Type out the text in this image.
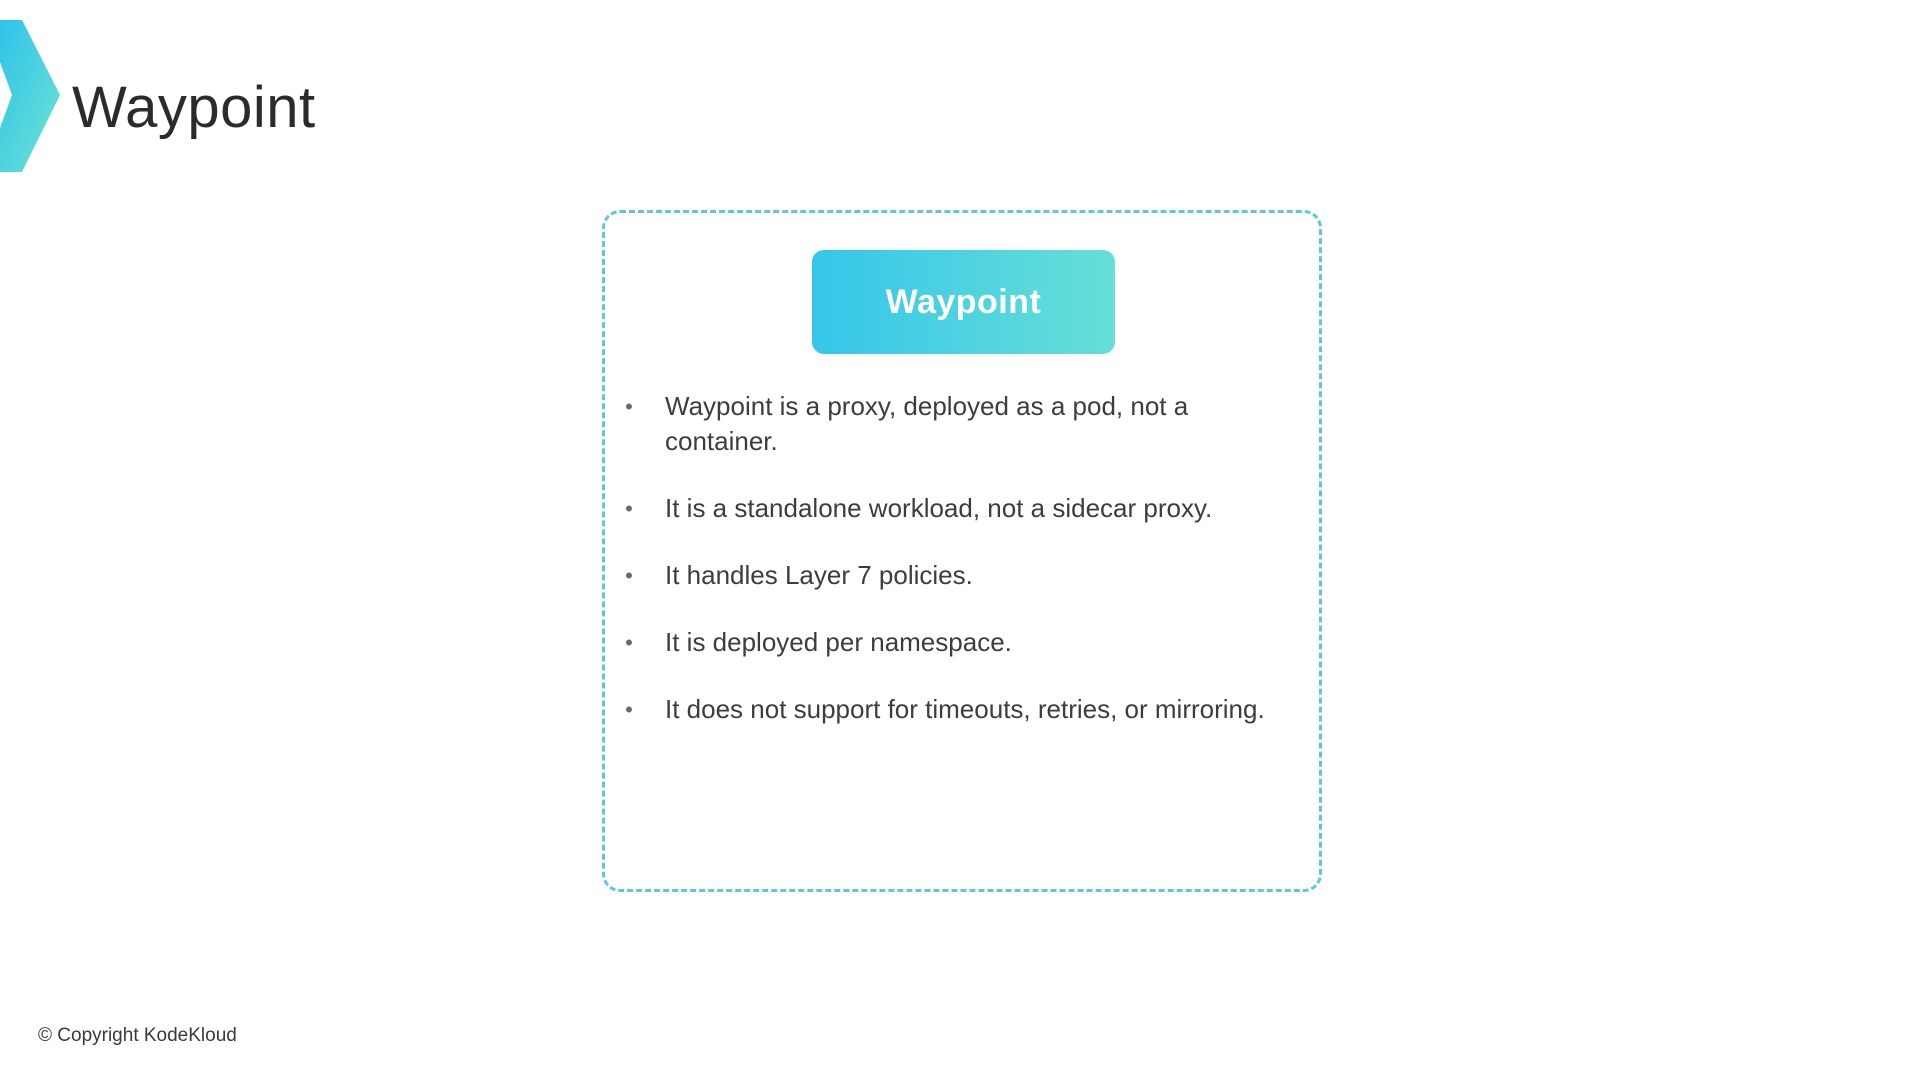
Waypoint
Waypoint
• Waypoint is a proxy, deployed as a pod, not a container.
• It is a standalone workload, not a sidecar proxy.
• It handles Layer 7 policies.
• It is deployed per namespace.
• It does not support for timeouts, retries, or mirroring.
© Copyright KodeKloud
